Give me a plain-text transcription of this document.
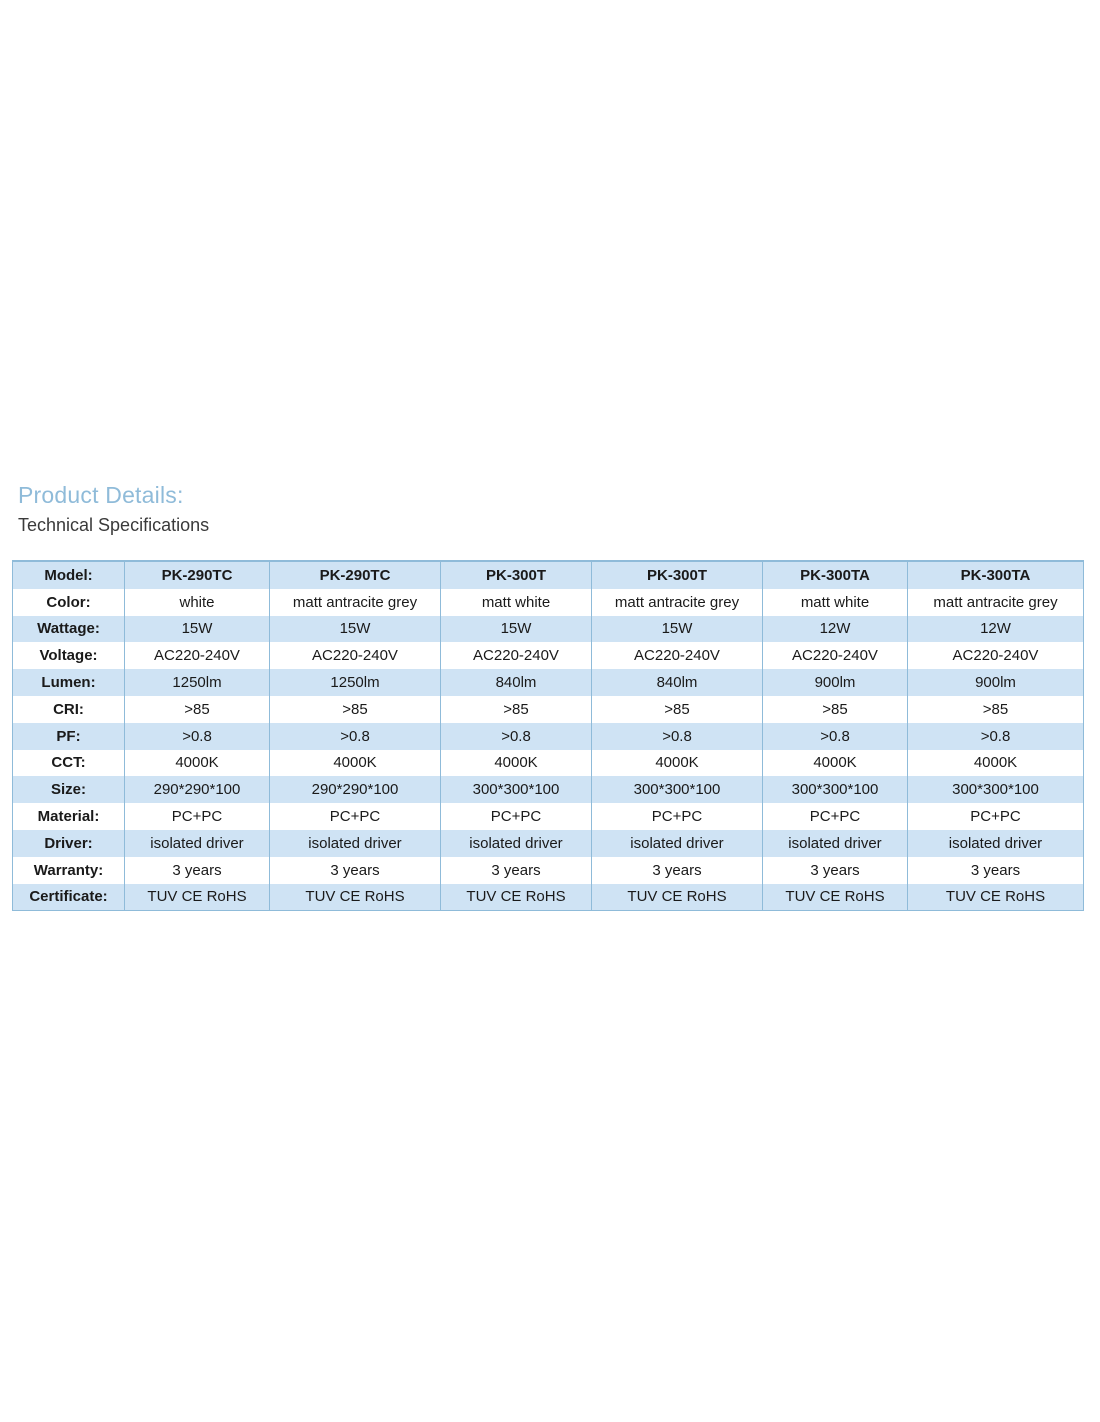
Product Details:
Technical Specifications
Model:	PK-290TC	PK-290TC	PK-300T	PK-300T	PK-300TA	PK-300TA
Color:	white	matt antracite grey	matt white	matt antracite grey	matt white	matt antracite grey
Wattage:	15W	15W	15W	15W	12W	12W
Voltage:	AC220-240V	AC220-240V	AC220-240V	AC220-240V	AC220-240V	AC220-240V
Lumen:	1250lm	1250lm	840lm	840lm	900lm	900lm
CRI:	>85	>85	>85	>85	>85	>85
PF:	>0.8	>0.8	>0.8	>0.8	>0.8	>0.8
CCT:	4000K	4000K	4000K	4000K	4000K	4000K
Size:	290*290*100	290*290*100	300*300*100	300*300*100	300*300*100	300*300*100
Material:	PC+PC	PC+PC	PC+PC	PC+PC	PC+PC	PC+PC
Driver:	isolated driver	isolated driver	isolated driver	isolated driver	isolated driver	isolated driver
Warranty:	3 years	3 years	3 years	3 years	3 years	3 years
Certificate:	TUV CE RoHS	TUV CE RoHS	TUV CE RoHS	TUV CE RoHS	TUV CE RoHS	TUV CE RoHS
